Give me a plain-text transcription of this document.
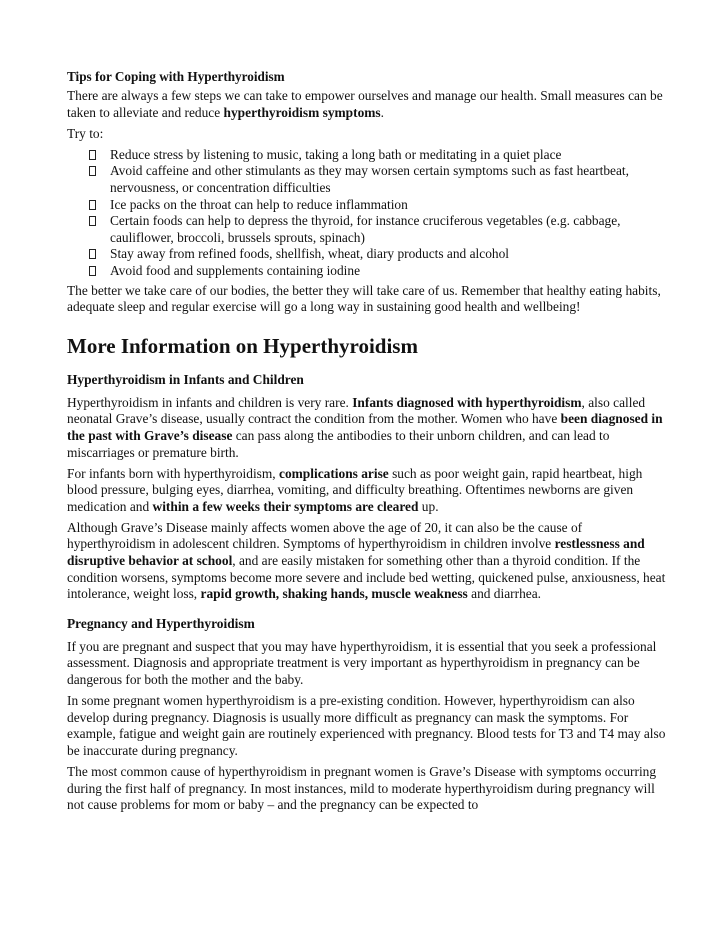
Tips for Coping with Hyperthyroidism

There are always a few steps we can take to empower ourselves and manage our health. Small measures can be taken to alleviate and reduce hyperthyroidism symptoms.

Try to:

Reduce stress by listening to music, taking a long bath or meditating in a quiet place
Avoid caffeine and other stimulants as they may worsen certain symptoms such as fast heartbeat, nervousness, or concentration difficulties
Ice packs on the throat can help to reduce inflammation
Certain foods can help to depress the thyroid, for instance cruciferous vegetables (e.g. cabbage, cauliflower, broccoli, brussels sprouts, spinach)
Stay away from refined foods, shellfish, wheat, diary products and alcohol
Avoid food and supplements containing iodine

The better we take care of our bodies, the better they will take care of us. Remember that healthy eating habits, adequate sleep and regular exercise will go a long way in sustaining good health and wellbeing!

More Information on Hyperthyroidism
Hyperthyroidism in Infants and Children

Hyperthyroidism in infants and children is very rare. Infants diagnosed with hyperthyroidism, also called neonatal Grave’s disease, usually contract the condition from the mother. Women who have been diagnosed in the past with Grave’s disease can pass along the antibodies to their unborn children, and can lead to miscarriages or premature birth.

For infants born with hyperthyroidism, complications arise such as poor weight gain, rapid heartbeat, high blood pressure, bulging eyes, diarrhea, vomiting, and difficulty breathing. Oftentimes newborns are given medication and within a few weeks their symptoms are cleared up.

Although Grave’s Disease mainly affects women above the age of 20, it can also be the cause of hyperthyroidism in adolescent children. Symptoms of hyperthyroidism in children involve restlessness and disruptive behavior at school, and are easily mistaken for something other than a thyroid condition. If the condition worsens, symptoms become more severe and include bed wetting, quickened pulse, anxiousness, heat intolerance, weight loss, rapid growth, shaking hands, muscle weakness and diarrhea.

Pregnancy and Hyperthyroidism

If you are pregnant and suspect that you may have hyperthyroidism, it is essential that you seek a professional assessment. Diagnosis and appropriate treatment is very important as hyperthyroidism in pregnancy can be dangerous for both the mother and the baby.

In some pregnant women hyperthyroidism is a pre-existing condition. However, hyperthyroidism can also develop during pregnancy. Diagnosis is usually more difficult as pregnancy can mask the symptoms. For example, fatigue and weight gain are routinely experienced with pregnancy. Blood tests for T3 and T4 may also be inaccurate during pregnancy.

The most common cause of hyperthyroidism in pregnant women is Grave’s Disease with symptoms occurring during the first half of pregnancy. In most instances, mild to moderate hyperthyroidism during pregnancy will not cause problems for mom or baby – and the pregnancy can be expected to
